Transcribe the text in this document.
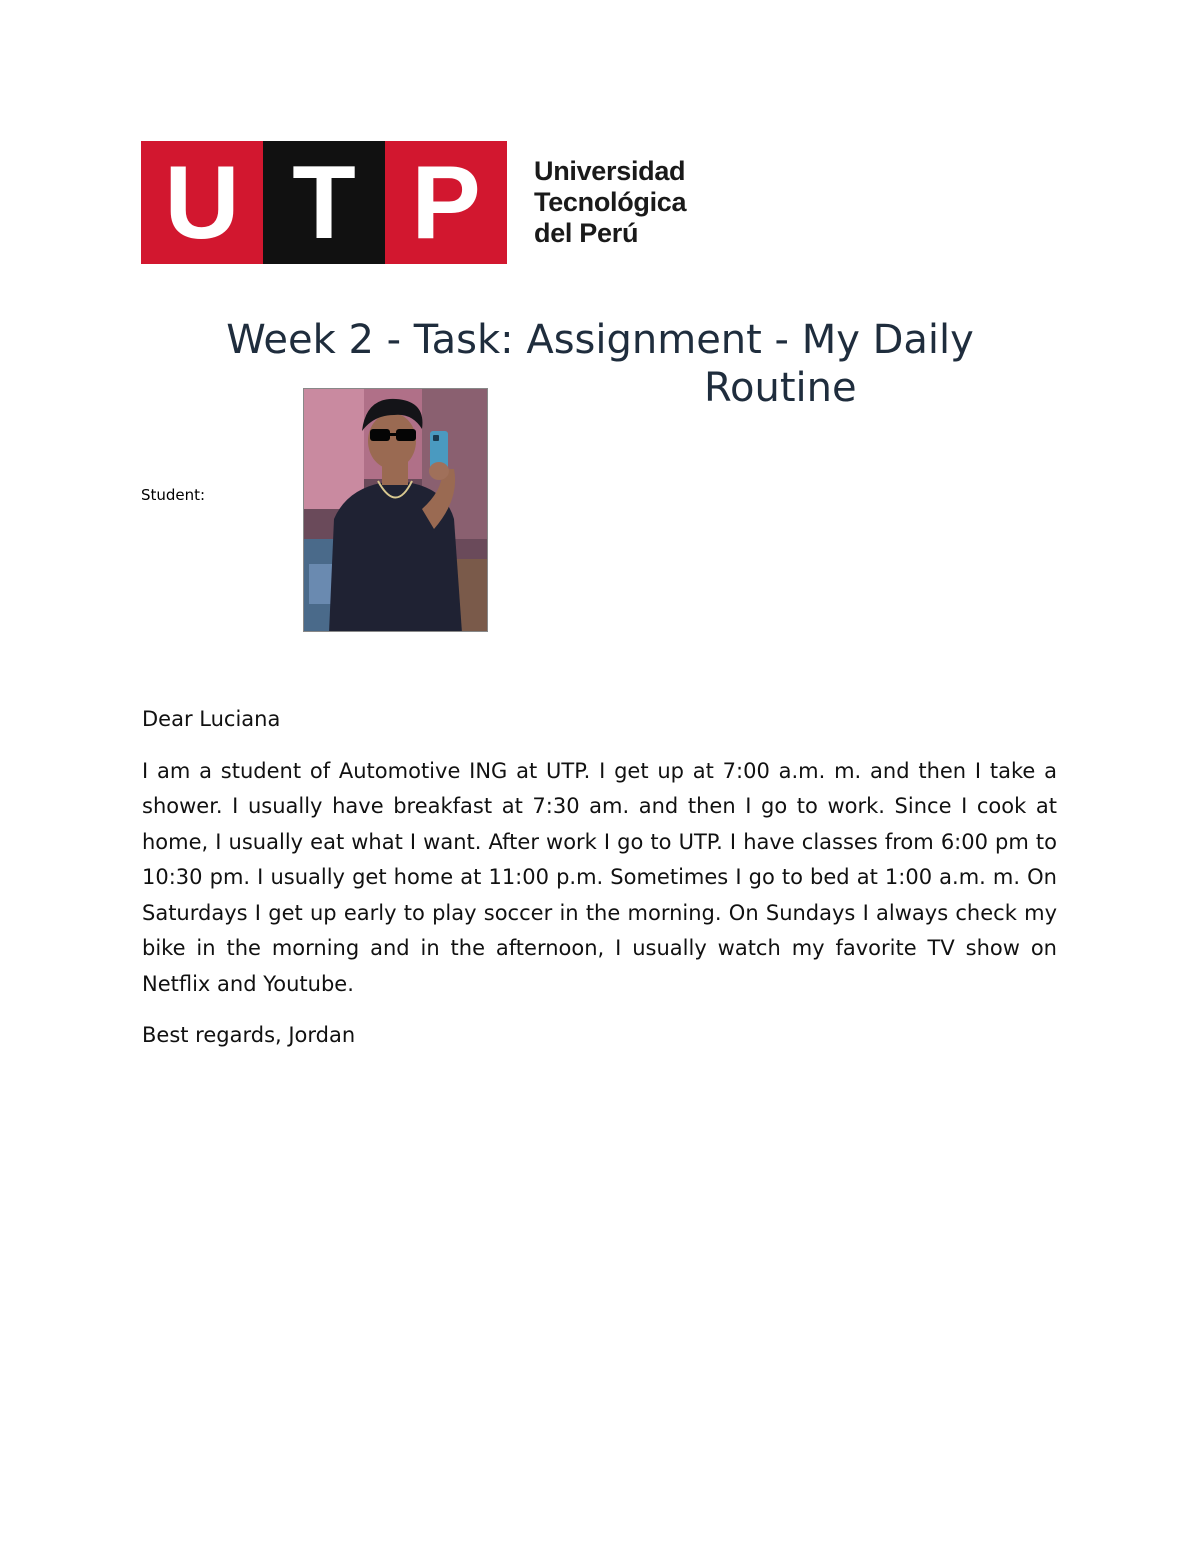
U T P	Universidad
Tecnológica
del Perú
Week 2 - Task: Assignment - My Daily
Routine
Student:

Dear Luciana

I am a student of Automotive ING at UTP. I get up at 7:00 a.m. m. and then I take a shower. I usually have breakfast at 7:30 am. and then I go to work. Since I cook at home, I usually eat what I want. After work I go to UTP. I have classes from 6:00 pm to 10:30 pm. I usually get home at 11:00 p.m. Sometimes I go to bed at 1:00 a.m. m. On Saturdays I get up early to play soccer in the morning. On Sundays I always check my bike in the morning and in the afternoon, I usually watch my favorite TV show on Netflix and Youtube.

Best regards, Jordan
